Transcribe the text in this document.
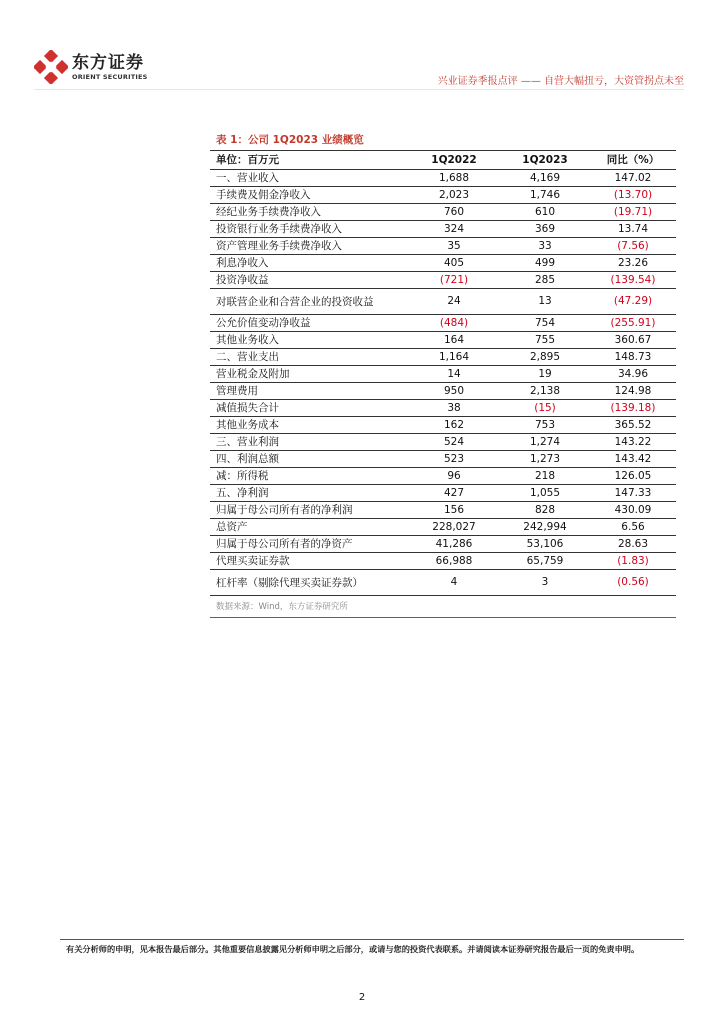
东方证券
ORIENT SECURITIES	兴业证券季报点评 —— 自营大幅扭亏，大资管拐点未至
表 1：公司 1Q2023 业绩概览
单位：百万元	1Q2022	1Q2023	同比（%）
一、营业收入	1,688	4,169	147.02
手续费及佣金净收入	2,023	1,746	(13.70)
经纪业务手续费净收入	760	610	(19.71)
投资银行业务手续费净收入	324	369	13.74
资产管理业务手续费净收入	35	33	(7.56)
利息净收入	405	499	23.26
投资净收益	(721)	285	(139.54)
对联营企业和合营企业的投资收益	24	13	(47.29)
公允价值变动净收益	(484)	754	(255.91)
其他业务收入	164	755	360.67
二、营业支出	1,164	2,895	148.73
营业税金及附加	14	19	34.96
管理费用	950	2,138	124.98
减值损失合计	38	(15)	(139.18)
其他业务成本	162	753	365.52
三、营业利润	524	1,274	143.22
四、利润总额	523	1,273	143.42
减：所得税	96	218	126.05
五、净利润	427	1,055	147.33
归属于母公司所有者的净利润	156	828	430.09
总资产	228,027	242,994	6.56
归属于母公司所有者的净资产	41,286	53,106	28.63
代理买卖证券款	66,988	65,759	(1.83)
杠杆率（剔除代理买卖证券款）	4	3	(0.56)
数据来源：Wind，东方证券研究所
有关分析师的申明，见本报告最后部分。其他重要信息披露见分析师申明之后部分，或请与您的投资代表联系。并请阅读本证券研究报告最后一页的免责申明。
2
